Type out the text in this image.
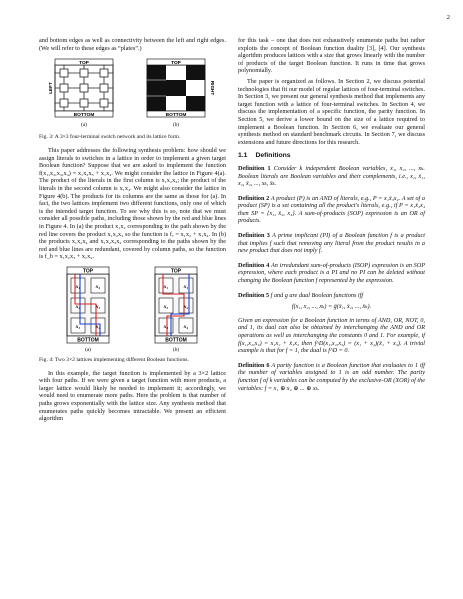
2

and bottom edges as well as connectivity between the left and right edges. (We will refer to these edges as “plates”.)

TOP
BOTTOM
LEFT
(a)
TOP
BOTTOM
RIGHT
(b)
Fig. 3: A 3×3 four-terminal switch network and its lattice form.

This paper addresses the following synthesis problem: how should we assign literals to switches in a lattice in order to implement a given target Boolean function? Suppose that we are asked to implement the function f(x₁,x₂,x₃,x₄) = x₁x₂x₃ + x₁x₄. We might consider the lattice in Figure 4(a). The product of the literals in the first column is x₁x₂x₃; the product of the literals in the second column is x₁x₄. We might also consider the lattice in Figure 4(b). The products for its columns are the same as those for (a). In fact, the two lattices implement two different functions, only one of which is the intended target function. To see why this is so, note that we must consider all possible paths, including those shown by the red and blue lines in Figure 4. In (a) the product x₁x₂ corresponding to the path shown by the red line covers the product x₁x₂x₃ so the function is fₐ = x₁x₂ + x₁x₄. In (b) the products x₁x₂x₄ and x₁x₂x₃x₄ corresponding to the paths shown by the red and blue lines are redundant, covered by column paths, so the function is f_b = x₁x₂x₃ + x₁x₄.

TOP
BOTTOM
x₁	x₄
x₂	x₁
x₃	x₄
(a)
TOP
BOTTOM
x₁	x₁
x₂	x₄
x₃	x₄
(b)
Fig. 4: Two 3×2 lattices implementing different Boolean functions.

In this example, the target function is implemented by a 3×2 lattice with four paths. If we were given a target function with more products, a larger lattice would likely be needed to implement it; accordingly, we would need to enumerate more paths. Here the problem is that number of paths grows exponentially with the lattice size. Any synthesis method that enumerates paths quickly becomes intractable. We present an efficient algorithm

for this task – one that does not exhaustively enumerate paths but rather exploits the concept of Boolean function duality [3], [4]. Our synthesis algorithm produces lattices with a size that grows linearly with the number of products of the target Boolean function. It runs in time that grows polynomially.

The paper is organized as follows. In Section 2, we discuss potential technologies that fit our model of regular lattices of four-terminal switches. In Section 3, we present our general synthesis method that implements any target function with a lattice of four-terminal switches. In Section 4, we discuss the implementation of a specific function, the parity function. In Section 5, we derive a lower bound on the size of a lattice required to implement a Boolean function. In Section 6, we evaluate our general synthesis method on standard benchmark circuits. In Section 7, we discuss extensions and future directions for this research.

1.1 Definitions

Definition 1 Consider k independent Boolean variables, x₁, x₂, ..., xₖ. Boolean literals are Boolean variables and their complements, i.e., x₁, x̄₁, x₂, x̄₂, ..., xₖ, x̄ₖ.

Definition 2 A product (P) is an AND of literals, e.g., P = x₁x̄₃x₄. A set of a product (SP) is a set containing all the product's literals, e.g., if P = x₁x̄₃x₄ then SP = {x₁, x̄₃, x₄}. A sum-of-products (SOP) expression is an OR of products.

Definition 3 A prime implicant (PI) of a Boolean function f is a product that implies f such that removing any literal from the product results in a new product that does not imply f.

Definition 4 An irredundant sum-of-products (ISOP) expression is an SOP expression, where each product is a PI and no PI can be deleted without changing the Boolean function f represented by the expression.

Definition 5 f and g are dual Boolean functions iff

f(x₁, x₂, ..., xₖ) = ḡ(x̄₁, x̄₂, ..., x̄ₖ).

Given an expression for a Boolean function in terms of AND, OR, NOT, 0, and 1, its dual can also be obtained by interchanging the AND and OR operations as well as interchanging the constants 0 and 1. For example, if f(x₁,x₂,x₃) = x₁x₂ + x̄₁x₃ then f^D(x₁,x₂,x₃) = (x₁ + x₂)(x̄₁ + x₃). A trivial example is that for f = 1, the dual is f^D = 0.

Definition 6 A parity function is a Boolean function that evaluates to 1 iff the number of variables assigned to 1 is an odd number. The parity function f of k variables can be computed by the exclusive-OR (XOR) of the variables: f = x₁ ⊕ x₂ ⊕ ... ⊕ xₖ.
